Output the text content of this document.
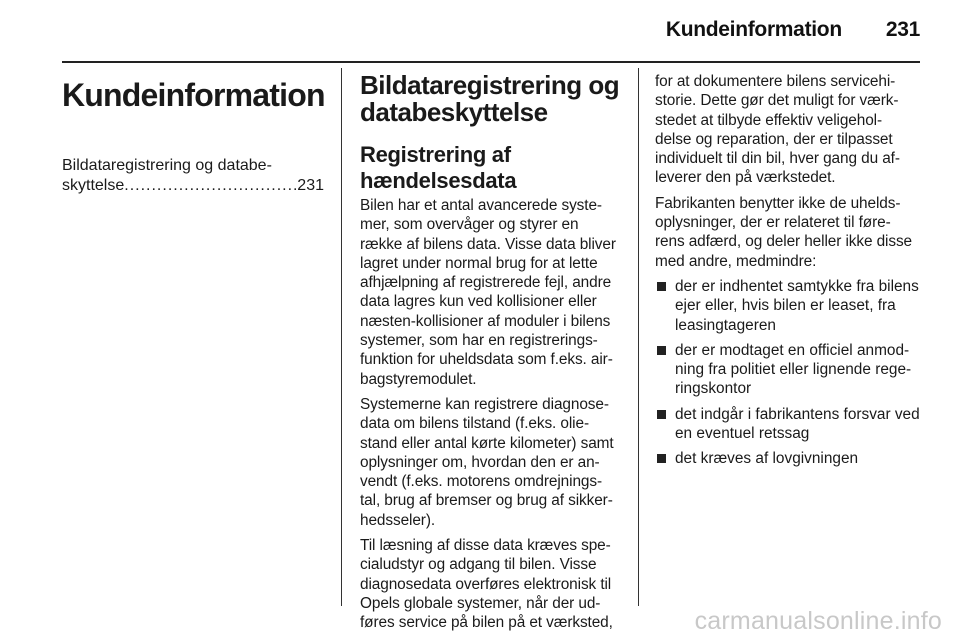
Kundeinformation 231
Kundeinformation
Bildataregistrering og databe-
skyttelse
.....	231
Bildataregistrering og databeskyttelse
Registrering af hændelsesdata

Bilen har et antal avancerede syste- mer, som overvåger og styrer en række af bilens data. Visse data bliver lagret under normal brug for at lette afhjælpning af registrerede fejl, andre data lagres kun ved kollisioner eller næsten-kollisioner af moduler i bilens systemer, som har en registrerings- funktion for uheldsdata som f.eks. air- bagstyremodulet.

Systemerne kan registrere diagnose- data om bilens tilstand (f.eks. olie- stand eller antal kørte kilometer) samt oplysninger om, hvordan den er an- vendt (f.eks. motorens omdrejnings- tal, brug af bremser og brug af sikker- hedsseler).

Til læsning af disse data kræves spe- cialudstyr og adgang til bilen. Visse diagnosedata overføres elektronisk til Opels globale systemer, når der ud- føres service på bilen på et værksted,

for at dokumentere bilens servicehi- storie. Dette gør det muligt for værk- stedet at tilbyde effektiv veligehol- delse og reparation, der er tilpasset individuelt til din bil, hver gang du af- leverer den på værkstedet.

Fabrikanten benytter ikke de uhelds- oplysninger, der er relateret til føre- rens adfærd, og deler heller ikke disse med andre, medmindre:

der er indhentet samtykke fra bilens ejer eller, hvis bilen er leaset, fra leasingtageren
der er modtaget en officiel anmod- ning fra politiet eller lignende rege- ringskontor
det indgår i fabrikantens forsvar ved en eventuel retssag
det kræves af lovgivningen
carmanualsonline.info
